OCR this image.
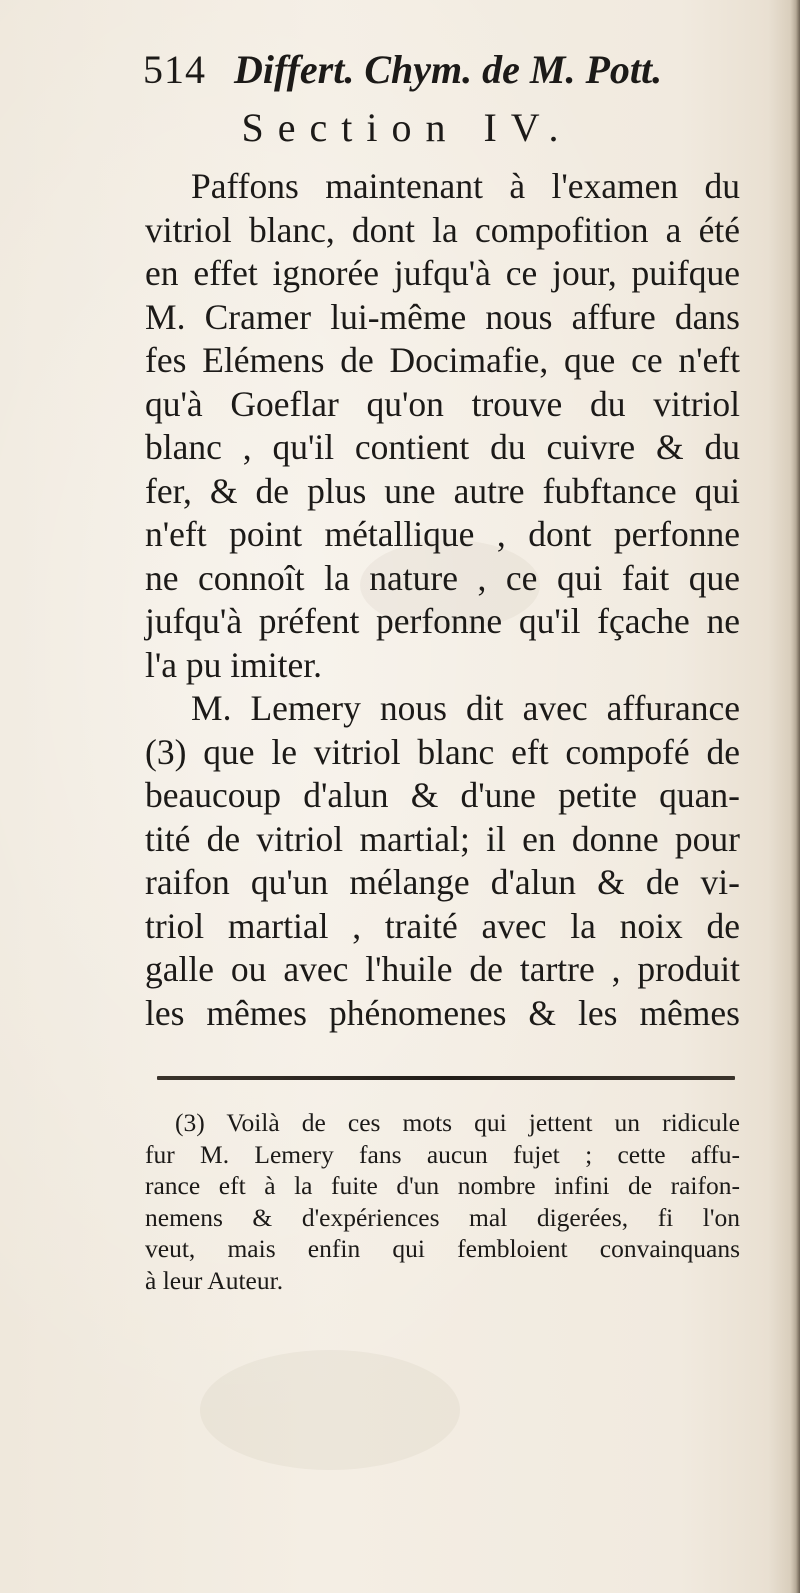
514 Differt. Chym. de M. Pott.
Section IV.
Paffons maintenant à l'examen du
vitriol blanc, dont la compofition a été
en effet ignorée jufqu'à ce jour, puifque
M. Cramer lui-même nous affure dans
fes Elémens de Docimafie, que ce n'eft
qu'à Goeflar qu'on trouve du vitriol
blanc , qu'il contient du cuivre & du
fer, & de plus une autre fubftance qui
n'eft point métallique , dont perfonne
ne connoît la nature , ce qui fait que
jufqu'à préfent perfonne qu'il fçache ne
l'a pu imiter.
M. Lemery nous dit avec affurance
(3) que le vitriol blanc eft compofé de
beaucoup d'alun & d'une petite quan-
tité de vitriol martial; il en donne pour
raifon qu'un mélange d'alun & de vi-
triol martial , traité avec la noix de
galle ou avec l'huile de tartre , produit
les mêmes phénomenes & les mêmes
(3) Voilà de ces mots qui jettent un ridicule
fur M. Lemery fans aucun fujet ; cette affu-
rance eft à la fuite d'un nombre infini de raifon-
nemens & d'expériences mal digerées, fi l'on
veut, mais enfin qui fembloient convainquans
à leur Auteur.
